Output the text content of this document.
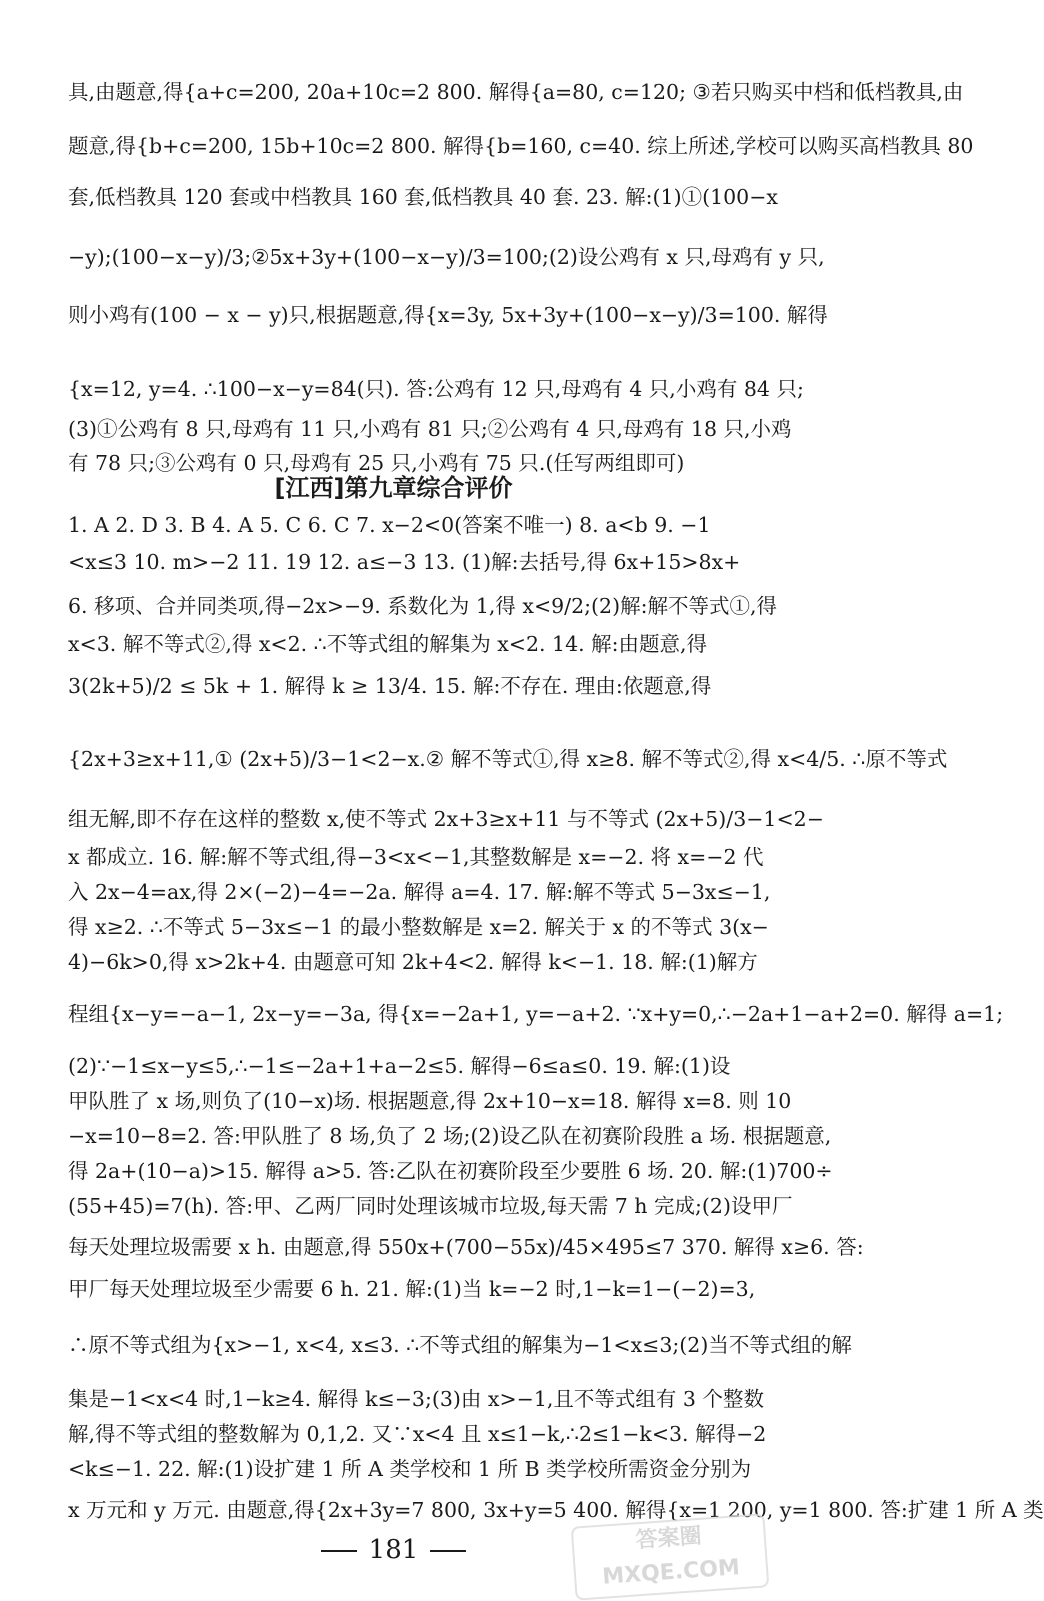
具,由题意,得{a+c=200, 20a+10c=2 800. 解得{a=80, c=120; ③若只购买中档和低档教具,由
题意,得{b+c=200, 15b+10c=2 800. 解得{b=160, c=40. 综上所述,学校可以购买高档教具 80
套,低档教具 120 套或中档教具 160 套,低档教具 40 套. 23. 解:(1)①(100−x
−y);(100−x−y)/3;②5x+3y+(100−x−y)/3=100;(2)设公鸡有 x 只,母鸡有 y 只,
则小鸡有(100 − x − y)只,根据题意,得{x=3y, 5x+3y+(100−x−y)/3=100. 解得
{x=12, y=4. ∴100−x−y=84(只). 答:公鸡有 12 只,母鸡有 4 只,小鸡有 84 只;
(3)①公鸡有 8 只,母鸡有 11 只,小鸡有 81 只;②公鸡有 4 只,母鸡有 18 只,小鸡
有 78 只;③公鸡有 0 只,母鸡有 25 只,小鸡有 75 只.(任写两组即可)
[江西]第九章综合评价
1. A 2. D 3. B 4. A 5. C 6. C 7. x−2<0(答案不唯一) 8. a<b 9. −1
<x≤3 10. m>−2 11. 19 12. a≤−3 13. (1)解:去括号,得 6x+15>8x+
6. 移项、合并同类项,得−2x>−9. 系数化为 1,得 x<9/2;(2)解:解不等式①,得
x<3. 解不等式②,得 x<2. ∴不等式组的解集为 x<2. 14. 解:由题意,得
3(2k+5)/2 ≤ 5k + 1. 解得 k ≥ 13/4. 15. 解:不存在. 理由:依题意,得
{2x+3≥x+11,① (2x+5)/3−1<2−x.② 解不等式①,得 x≥8. 解不等式②,得 x<4/5. ∴原不等式
组无解,即不存在这样的整数 x,使不等式 2x+3≥x+11 与不等式 (2x+5)/3−1<2−
x 都成立. 16. 解:解不等式组,得−3<x<−1,其整数解是 x=−2. 将 x=−2 代
入 2x−4=ax,得 2×(−2)−4=−2a. 解得 a=4. 17. 解:解不等式 5−3x≤−1,
得 x≥2. ∴不等式 5−3x≤−1 的最小整数解是 x=2. 解关于 x 的不等式 3(x−
4)−6k>0,得 x>2k+4. 由题意可知 2k+4<2. 解得 k<−1. 18. 解:(1)解方
程组{x−y=−a−1, 2x−y=−3a, 得{x=−2a+1, y=−a+2. ∵x+y=0,∴−2a+1−a+2=0. 解得 a=1;
(2)∵−1≤x−y≤5,∴−1≤−2a+1+a−2≤5. 解得−6≤a≤0. 19. 解:(1)设
甲队胜了 x 场,则负了(10−x)场. 根据题意,得 2x+10−x=18. 解得 x=8. 则 10
−x=10−8=2. 答:甲队胜了 8 场,负了 2 场;(2)设乙队在初赛阶段胜 a 场. 根据题意,
得 2a+(10−a)>15. 解得 a>5. 答:乙队在初赛阶段至少要胜 6 场. 20. 解:(1)700÷
(55+45)=7(h). 答:甲、乙两厂同时处理该城市垃圾,每天需 7 h 完成;(2)设甲厂
每天处理垃圾需要 x h. 由题意,得 550x+(700−55x)/45×495≤7 370. 解得 x≥6. 答:
甲厂每天处理垃圾至少需要 6 h. 21. 解:(1)当 k=−2 时,1−k=1−(−2)=3,
∴原不等式组为{x>−1, x<4, x≤3. ∴不等式组的解集为−1<x≤3;(2)当不等式组的解
集是−1<x<4 时,1−k≥4. 解得 k≤−3;(3)由 x>−1,且不等式组有 3 个整数
解,得不等式组的整数解为 0,1,2. 又∵x<4 且 x≤1−k,∴2≤1−k<3. 解得−2
<k≤−1. 22. 解:(1)设扩建 1 所 A 类学校和 1 所 B 类学校所需资金分别为
x 万元和 y 万元. 由题意,得{2x+3y=7 800, 3x+y=5 400. 解得{x=1 200, y=1 800. 答:扩建 1 所 A 类
181	答案圈 MXQE.COM
